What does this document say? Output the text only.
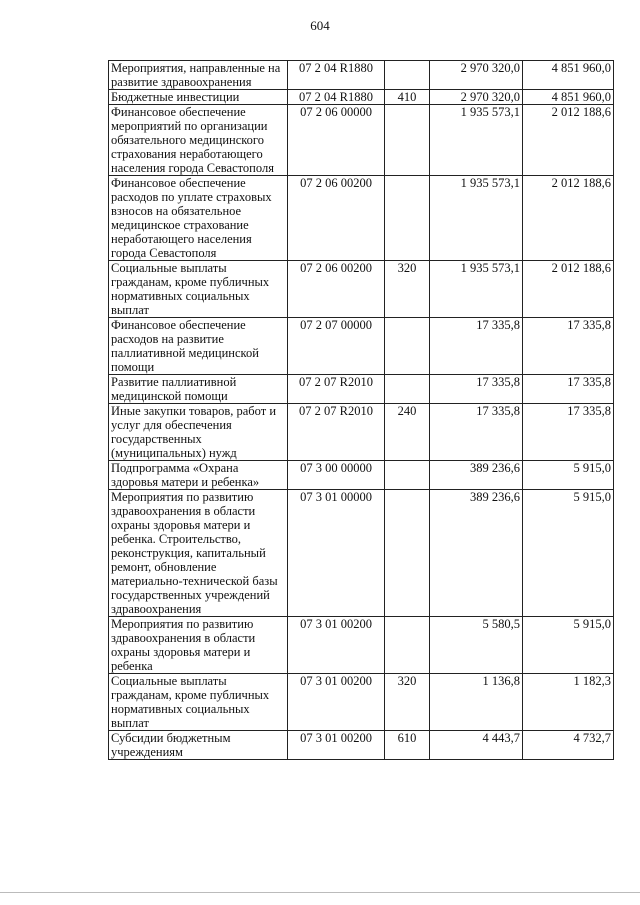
604
Мероприятия, направленные на развитие здравоохранения	07 2 04 R1880		2 970 320,0	4 851 960,0
Бюджетные инвестиции	07 2 04 R1880	410	2 970 320,0	4 851 960,0
Финансовое обеспечение мероприятий по организации обязательного медицинского страхования неработающего населения города Севастополя	07 2 06 00000		1 935 573,1	2 012 188,6
Финансовое обеспечение расходов по уплате страховых взносов на обязательное медицинское страхование неработающего населения города Севастополя	07 2 06 00200		1 935 573,1	2 012 188,6
Социальные выплаты гражданам, кроме публичных нормативных социальных выплат	07 2 06 00200	320	1 935 573,1	2 012 188,6
Финансовое обеспечение расходов на развитие паллиативной медицинской помощи	07 2 07 00000		17 335,8	17 335,8
Развитие паллиативной медицинской помощи	07 2 07 R2010		17 335,8	17 335,8
Иные закупки товаров, работ и услуг для обеспечения государственных (муниципальных) нужд	07 2 07 R2010	240	17 335,8	17 335,8
Подпрограмма «Охрана здоровья матери и ребенка»	07 3 00 00000		389 236,6	5 915,0
Мероприятия по развитию здравоохранения в области охраны здоровья матери и ребенка. Строительство, реконструкция, капитальный ремонт, обновление материально-технической базы государственных учреждений здравоохранения	07 3 01 00000		389 236,6	5 915,0
Мероприятия по развитию здравоохранения в области охраны здоровья матери и ребенка	07 3 01 00200		5 580,5	5 915,0
Социальные выплаты гражданам, кроме публичных нормативных социальных выплат	07 3 01 00200	320	1 136,8	1 182,3
Субсидии бюджетным учреждениям	07 3 01 00200	610	4 443,7	4 732,7
